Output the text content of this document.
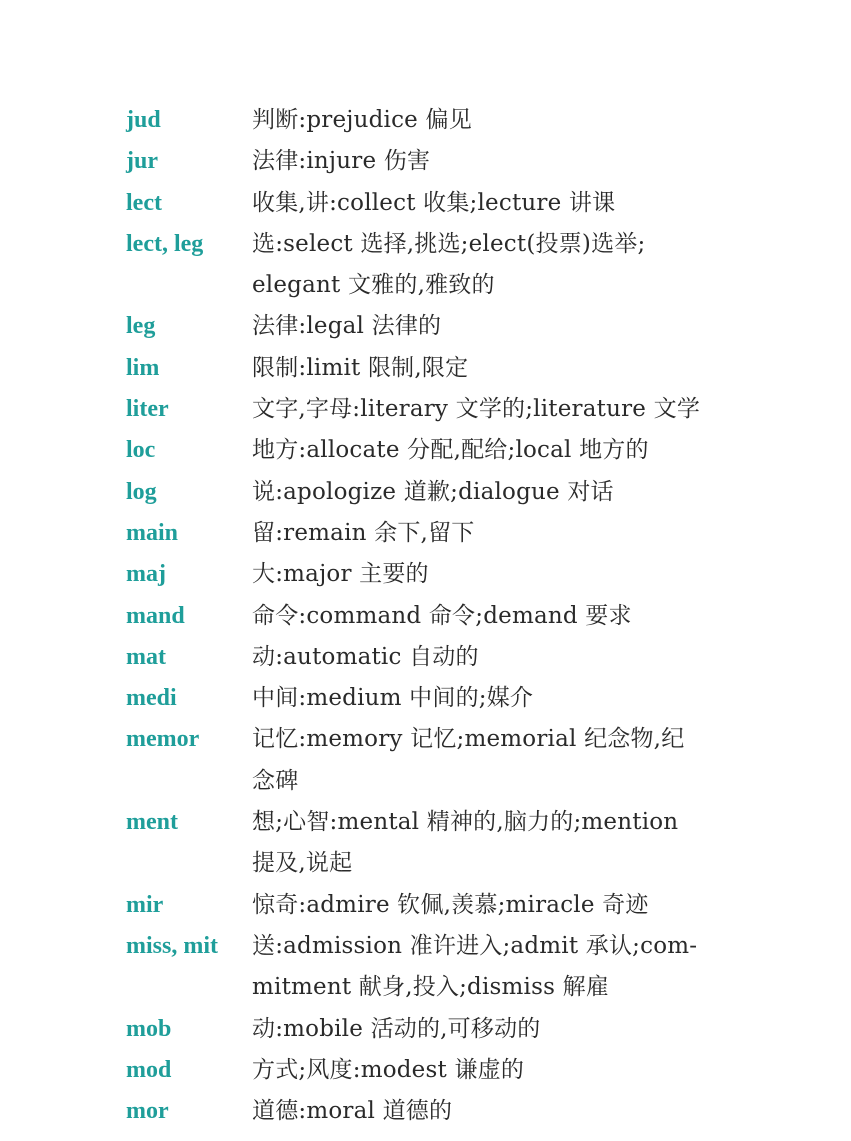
jud	判断:prejudice 偏见
jur	法律:injure 伤害
lect	收集,讲:collect 收集;lecture 讲课
lect, leg	选:select 选择,挑选;elect(投票)选举;
elegant 文雅的,雅致的
leg	法律:legal 法律的
lim	限制:limit 限制,限定
liter	文字,字母:literary 文学的;literature 文学
loc	地方:allocate 分配,配给;local 地方的
log	说:apologize 道歉;dialogue 对话
main	留:remain 余下,留下
maj	大:major 主要的
mand	命令:command 命令;demand 要求
mat	动:automatic 自动的
medi	中间:medium 中间的;媒介
memor	记忆:memory 记忆;memorial 纪念物,纪
念碑
ment	想;心智:mental 精神的,脑力的;mention
提及,说起
mir	惊奇:admire 钦佩,羡慕;miracle 奇迹
miss, mit	送:admission 准许进入;admit 承认;com-
mitment 献身,投入;dismiss 解雇
mob	动:mobile 活动的,可移动的
mod	方式;风度:modest 谦虚的
mor	道德:moral 道德的
